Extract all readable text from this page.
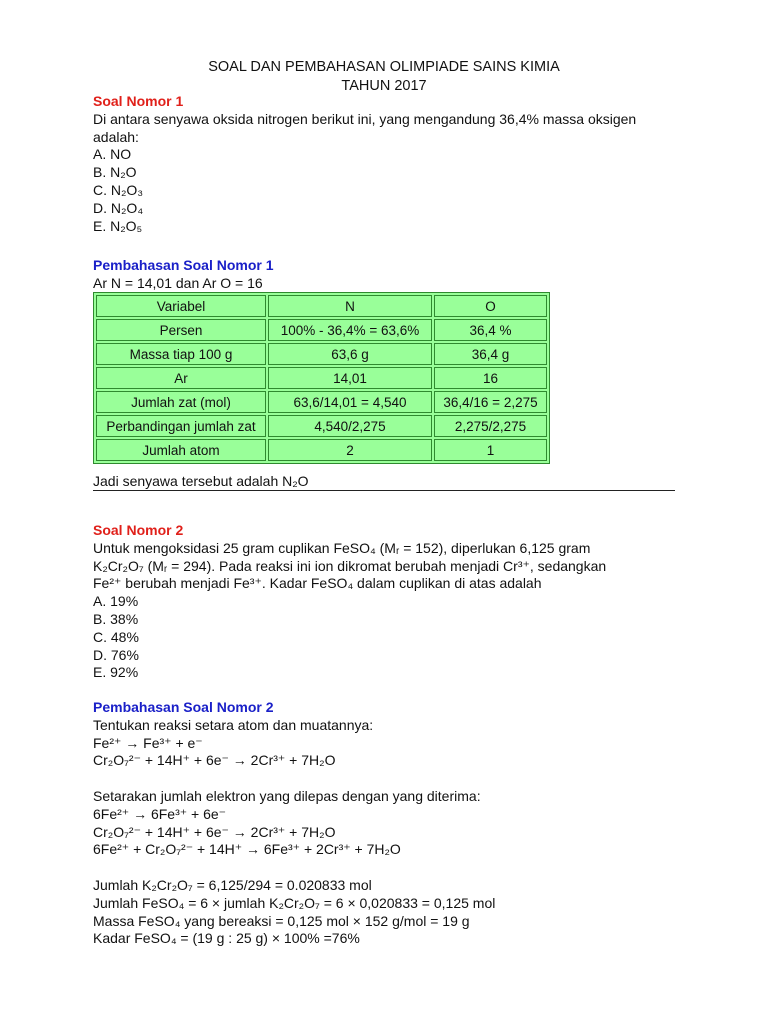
SOAL DAN PEMBAHASAN OLIMPIADE SAINS KIMIA
TAHUN 2017
Soal Nomor 1
Di antara senyawa oksida nitrogen berikut ini, yang mengandung 36,4% massa oksigen
adalah:
A. NO
B. N₂O
C. N₂O₃
D. N₂O₄
E. N₂O₅
Pembahasan Soal Nomor 1
Ar N = 14,01 dan Ar O = 16
Variabel	N	O
Persen	100% - 36,4% = 63,6%	36,4 %
Massa tiap 100 g	63,6 g	36,4 g
Ar	14,01	16
Jumlah zat (mol)	63,6/14,01 = 4,540	36,4/16 = 2,275
Perbandingan jumlah zat	4,540/2,275	2,275/2,275
Jumlah atom	2	1
Jadi senyawa tersebut adalah N₂O
Soal Nomor 2
Untuk mengoksidasi 25 gram cuplikan FeSO₄ (Mᵣ = 152), diperlukan 6,125 gram
K₂Cr₂O₇ (Mᵣ = 294). Pada reaksi ini ion dikromat berubah menjadi Cr³⁺, sedangkan
Fe²⁺ berubah menjadi Fe³⁺. Kadar FeSO₄ dalam cuplikan di atas adalah
A. 19%
B. 38%
C. 48%
D. 76%
E. 92%
Pembahasan Soal Nomor 2
Tentukan reaksi setara atom dan muatannya:
Fe²⁺ → Fe³⁺ + e⁻
Cr₂O₇²⁻ + 14H⁺ + 6e⁻ → 2Cr³⁺ + 7H₂O
Setarakan jumlah elektron yang dilepas dengan yang diterima:
6Fe²⁺ → 6Fe³⁺ + 6e⁻
Cr₂O₇²⁻ + 14H⁺ + 6e⁻ → 2Cr³⁺ + 7H₂O
6Fe²⁺ + Cr₂O₇²⁻ + 14H⁺ → 6Fe³⁺ + 2Cr³⁺ + 7H₂O
Jumlah K₂Cr₂O₇ = 6,125/294 = 0.020833 mol
Jumlah FeSO₄ = 6 × jumlah K₂Cr₂O₇ = 6 × 0,020833 = 0,125 mol
Massa FeSO₄ yang bereaksi = 0,125 mol × 152 g/mol = 19 g
Kadar FeSO₄ = (19 g : 25 g) × 100% =76%
